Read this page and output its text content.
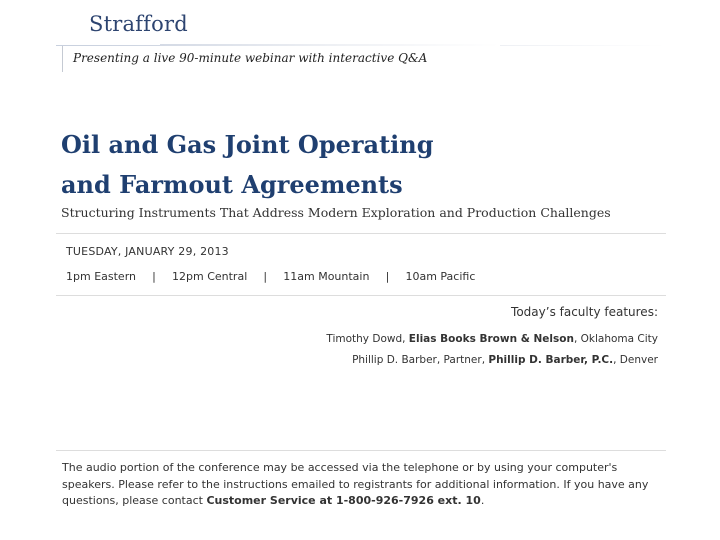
Strafford
Presenting a live 90-minute webinar with interactive Q&A
Oil and Gas Joint Operating
and Farmout Agreements
Structuring Instruments That Address Modern Exploration and Production Challenges
TUESDAY, JANUARY 29, 2013
1pm Eastern | 12pm Central | 11am Mountain | 10am Pacific
Today’s faculty features:
Timothy Dowd, Elias Books Brown & Nelson, Oklahoma City
Phillip D. Barber, Partner, Phillip D. Barber, P.C., Denver
The audio portion of the conference may be accessed via the telephone or by using your computer's speakers. Please refer to the instructions emailed to registrants for additional information. If you have any questions, please contact Customer Service at 1-800-926-7926 ext. 10.
